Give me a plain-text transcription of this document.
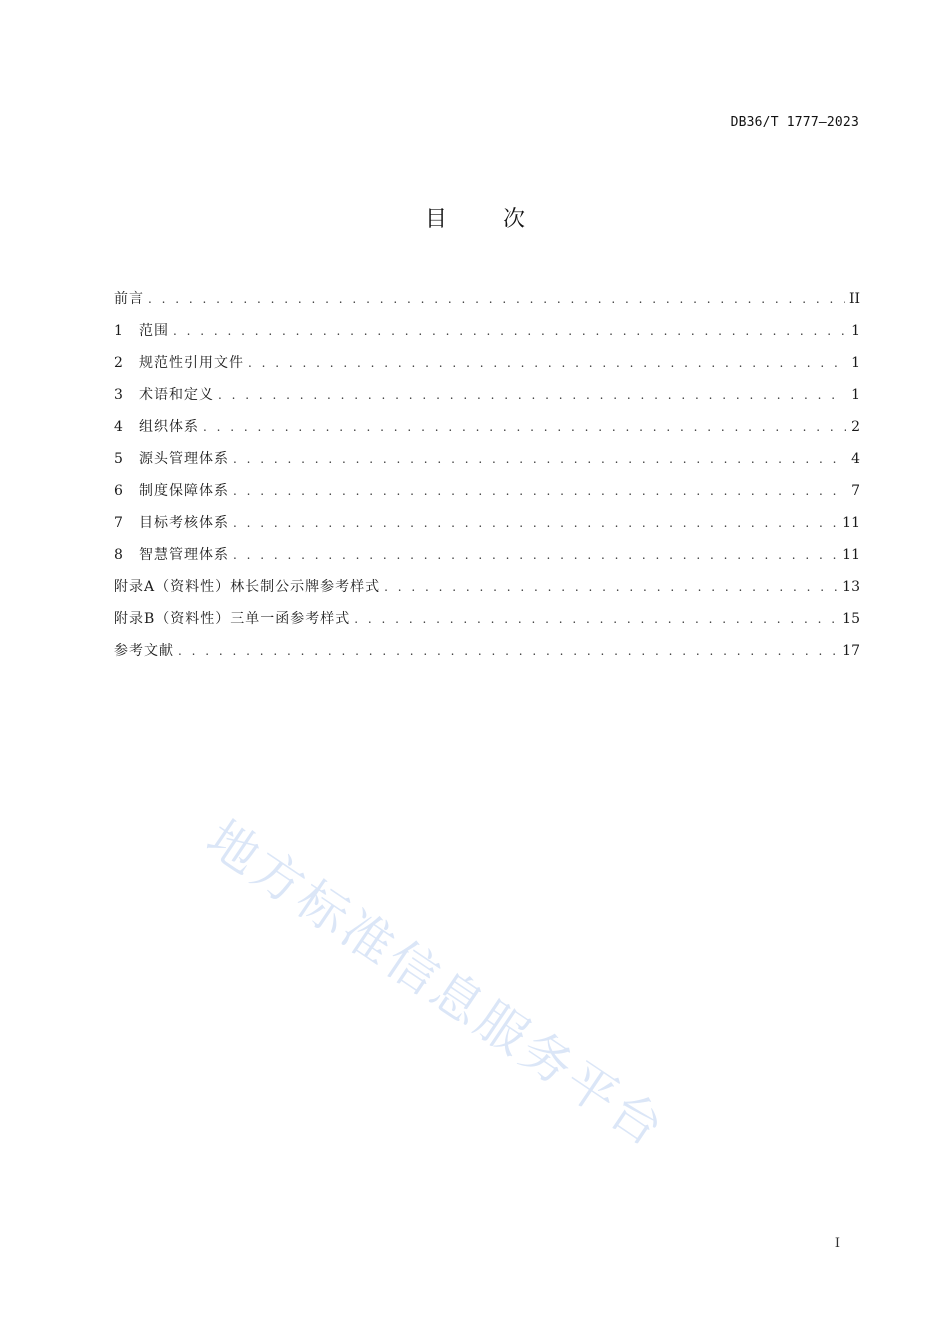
DB36/T 1777—2023
目	次
前言 . . .	II
1	范围 . . .	1
2	规范性引用文件 . . .	1
3	术语和定义 . . .	1
4	组织体系 . . .	2
5	源头管理体系 . . .	4
6	制度保障体系 . . .	7
7	目标考核体系 . . .	11
8	智慧管理体系 . . .	11
附录A（资料性）林长制公示牌参考样式 . . .	13
附录B（资料性）三单一函参考样式 . . .	15
参考文献 . . .	17
地方标准信息服务平台
I
